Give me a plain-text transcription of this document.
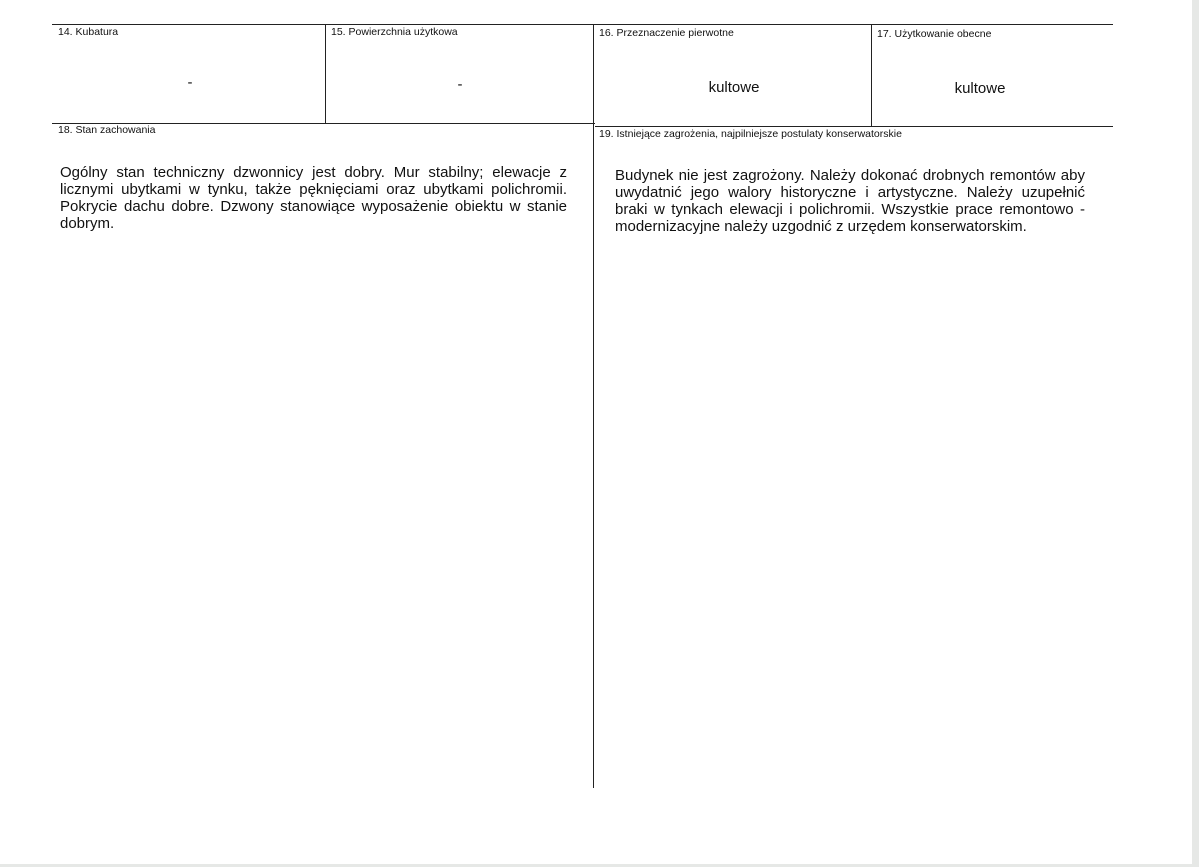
14. Kubatura
-
15. Powierzchnia użytkowa
-
16. Przeznaczenie pierwotne
kultowe
17. Użytkowanie obecne
kultowe
18. Stan zachowania
Ogólny stan techniczny dzwonnicy jest dobry. Mur stabilny; elewacje z licznymi ubytkami w tynku, także pęknięciami oraz ubytkami polichromii. Pokrycie dachu dobre. Dzwony stanowiące wyposażenie obiektu w stanie dobrym.
19. Istniejące zagrożenia, najpilniejsze postulaty konserwatorskie
Budynek nie jest zagrożony. Należy dokonać drobnych remontów aby uwydatnić jego walory historyczne i artystyczne. Należy uzupełnić braki w tynkach elewacji i polichromii. Wszystkie prace remontowo - modernizacyjne należy uzgodnić z urzędem konserwatorskim.
